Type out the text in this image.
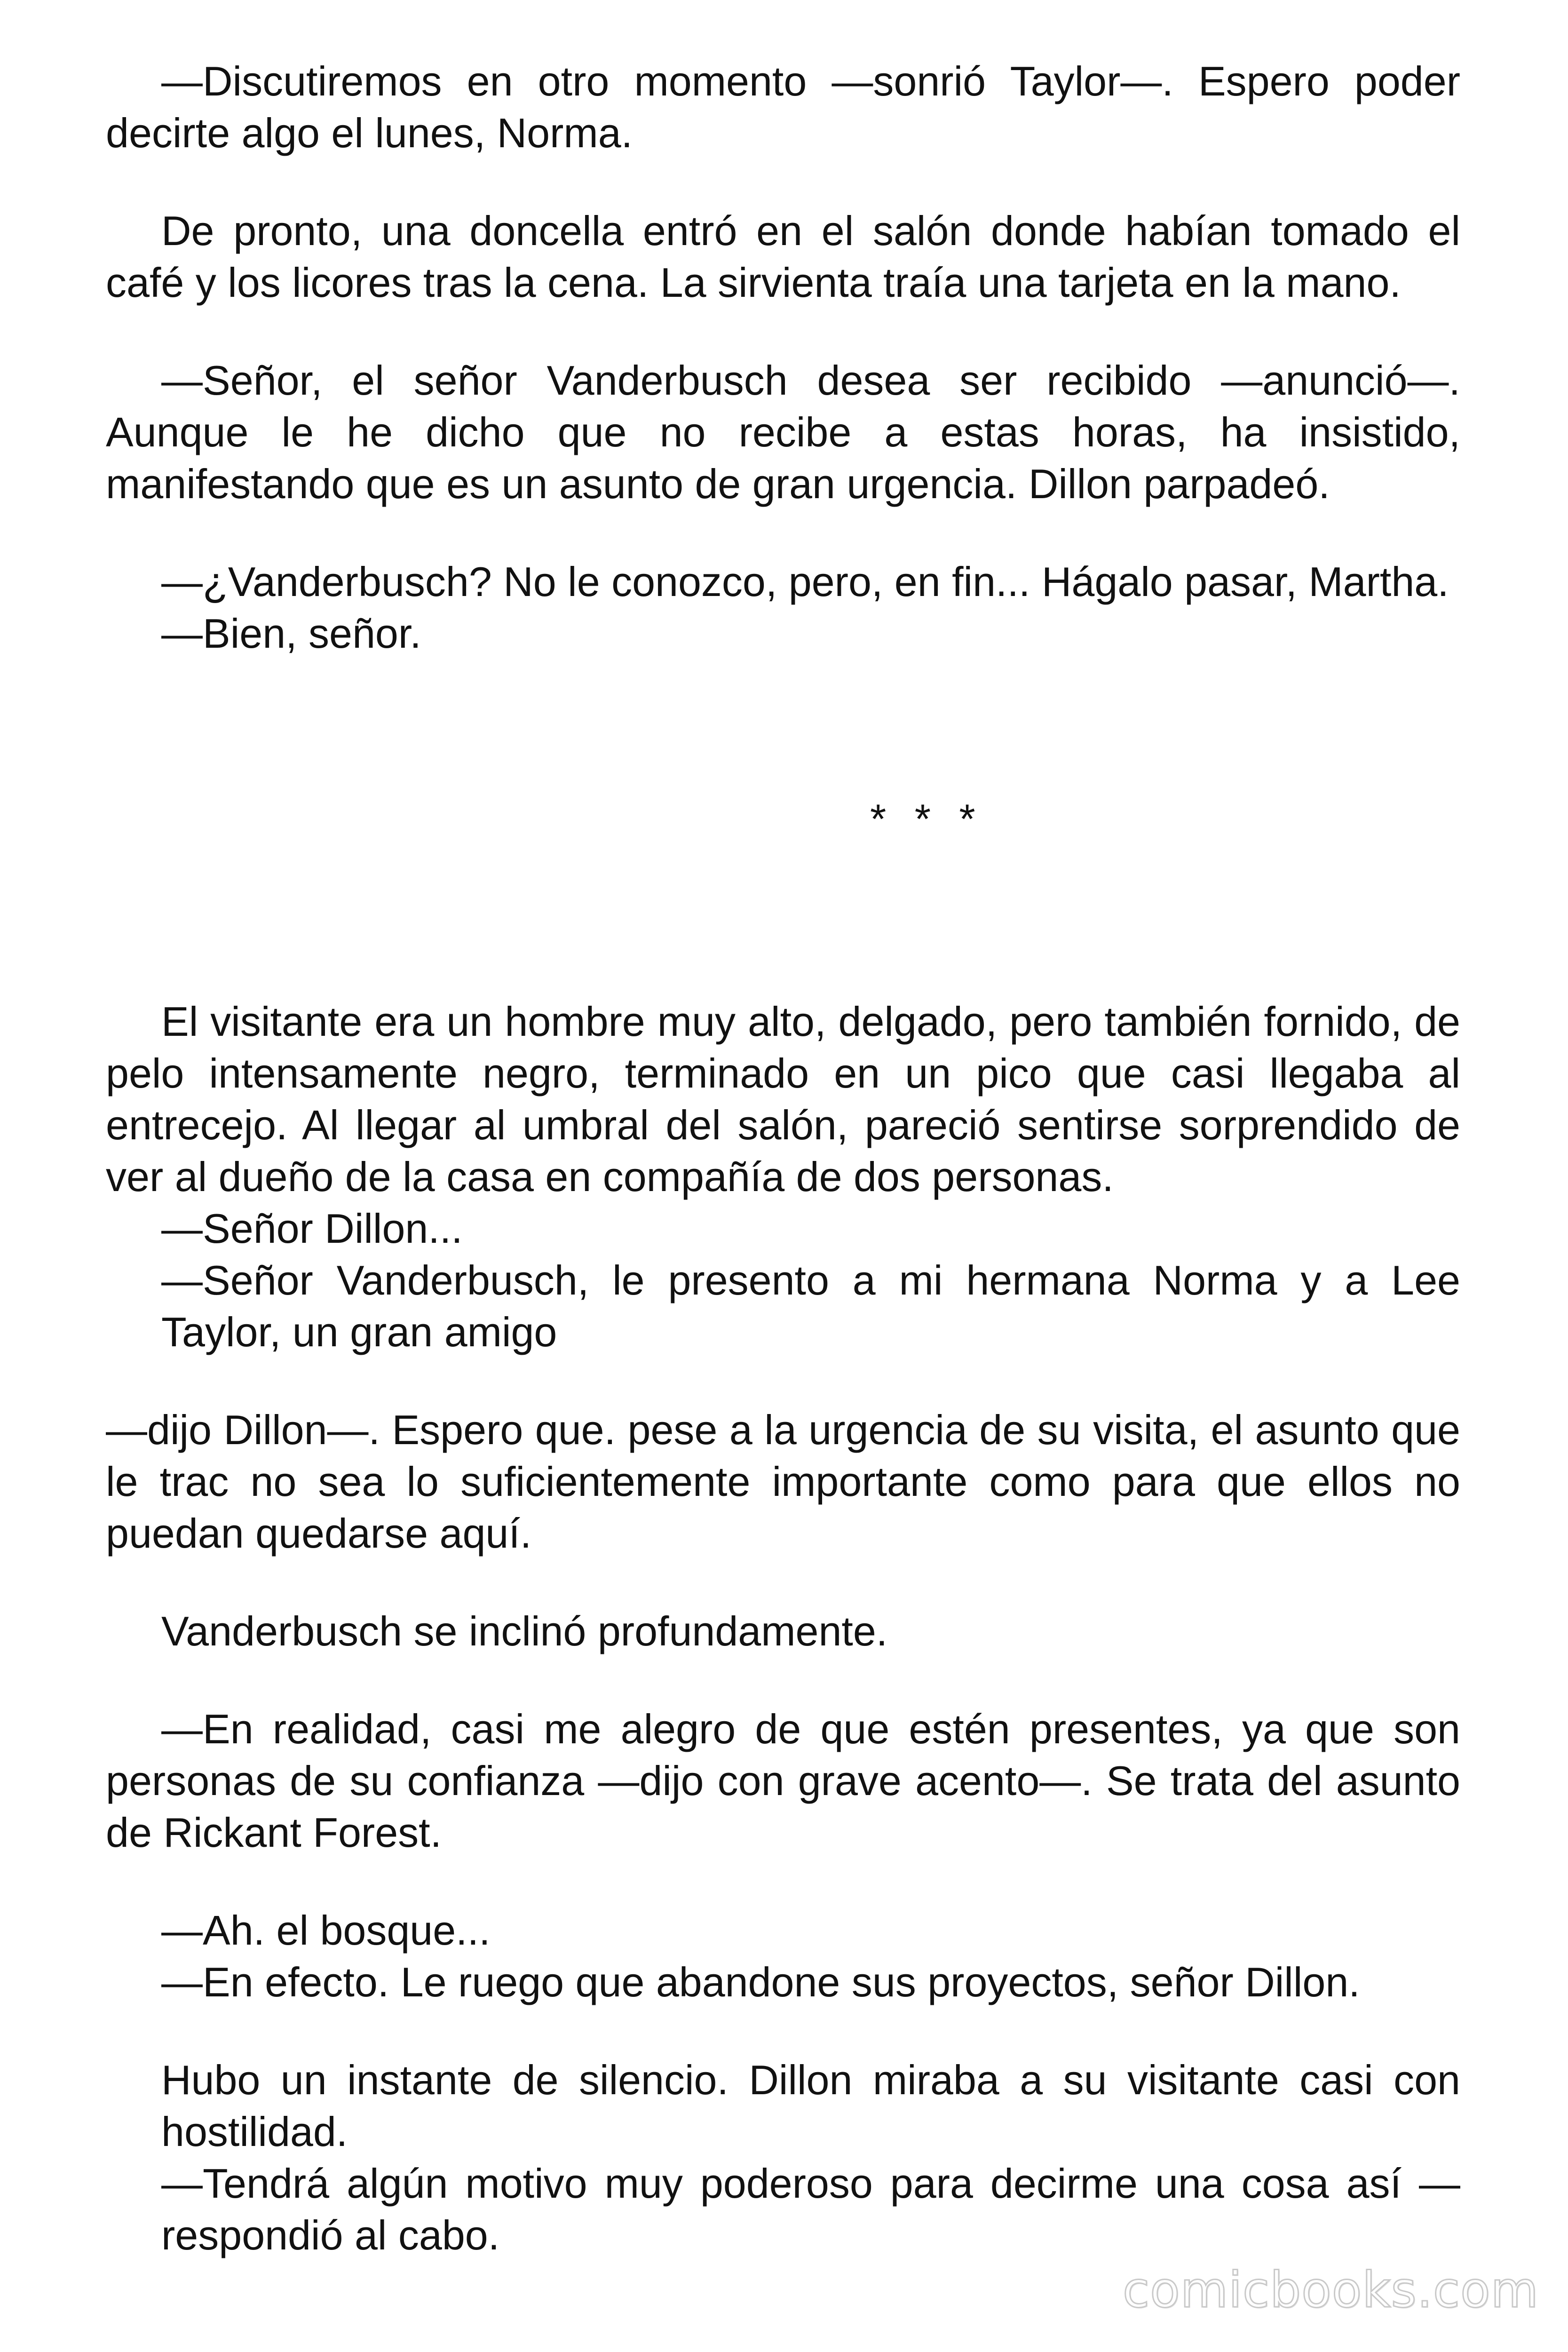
—Discutiremos en otro momento —sonrió Taylor—. Espero poder decirte algo el lunes, Norma.

De pronto, una doncella entró en el salón donde habían tomado el café y los licores tras la cena. La sirvienta traía una tarjeta en la mano.

—Señor, el señor Vanderbusch desea ser recibido —anunció—. Aunque le he dicho que no recibe a estas horas, ha insistido, manifestando que es un asunto de gran urgencia. Dillon parpadeó.

—¿Vanderbusch? No le conozco, pero, en fin... Hágalo pasar, Martha.

—Bien, señor.

* * *

El visitante era un hombre muy alto, delgado, pero también fornido, de pelo intensamente negro, terminado en un pico que casi llegaba al entrecejo. Al llegar al umbral del salón, pareció sentirse sorprendido de ver al dueño de la casa en compañía de dos personas.

—Señor Dillon...

—Señor Vanderbusch, le presento a mi hermana Norma y a Lee Taylor, un gran amigo

—dijo Dillon—. Espero que. pese a la urgencia de su visita, el asunto que le trac no sea lo suficientemente importante como para que ellos no puedan quedarse aquí.

Vanderbusch se inclinó profundamente.

—En realidad, casi me alegro de que estén presentes, ya que son personas de su confianza —dijo con grave acento—. Se trata del asunto de Rickant Forest.

—Ah. el bosque...

—En efecto. Le ruego que abandone sus proyectos, señor Dillon.

Hubo un instante de silencio. Dillon miraba a su visitante casi con hostilidad.

—Tendrá algún motivo muy poderoso para decirme una cosa así —respondió al cabo.

comicbooks.com
